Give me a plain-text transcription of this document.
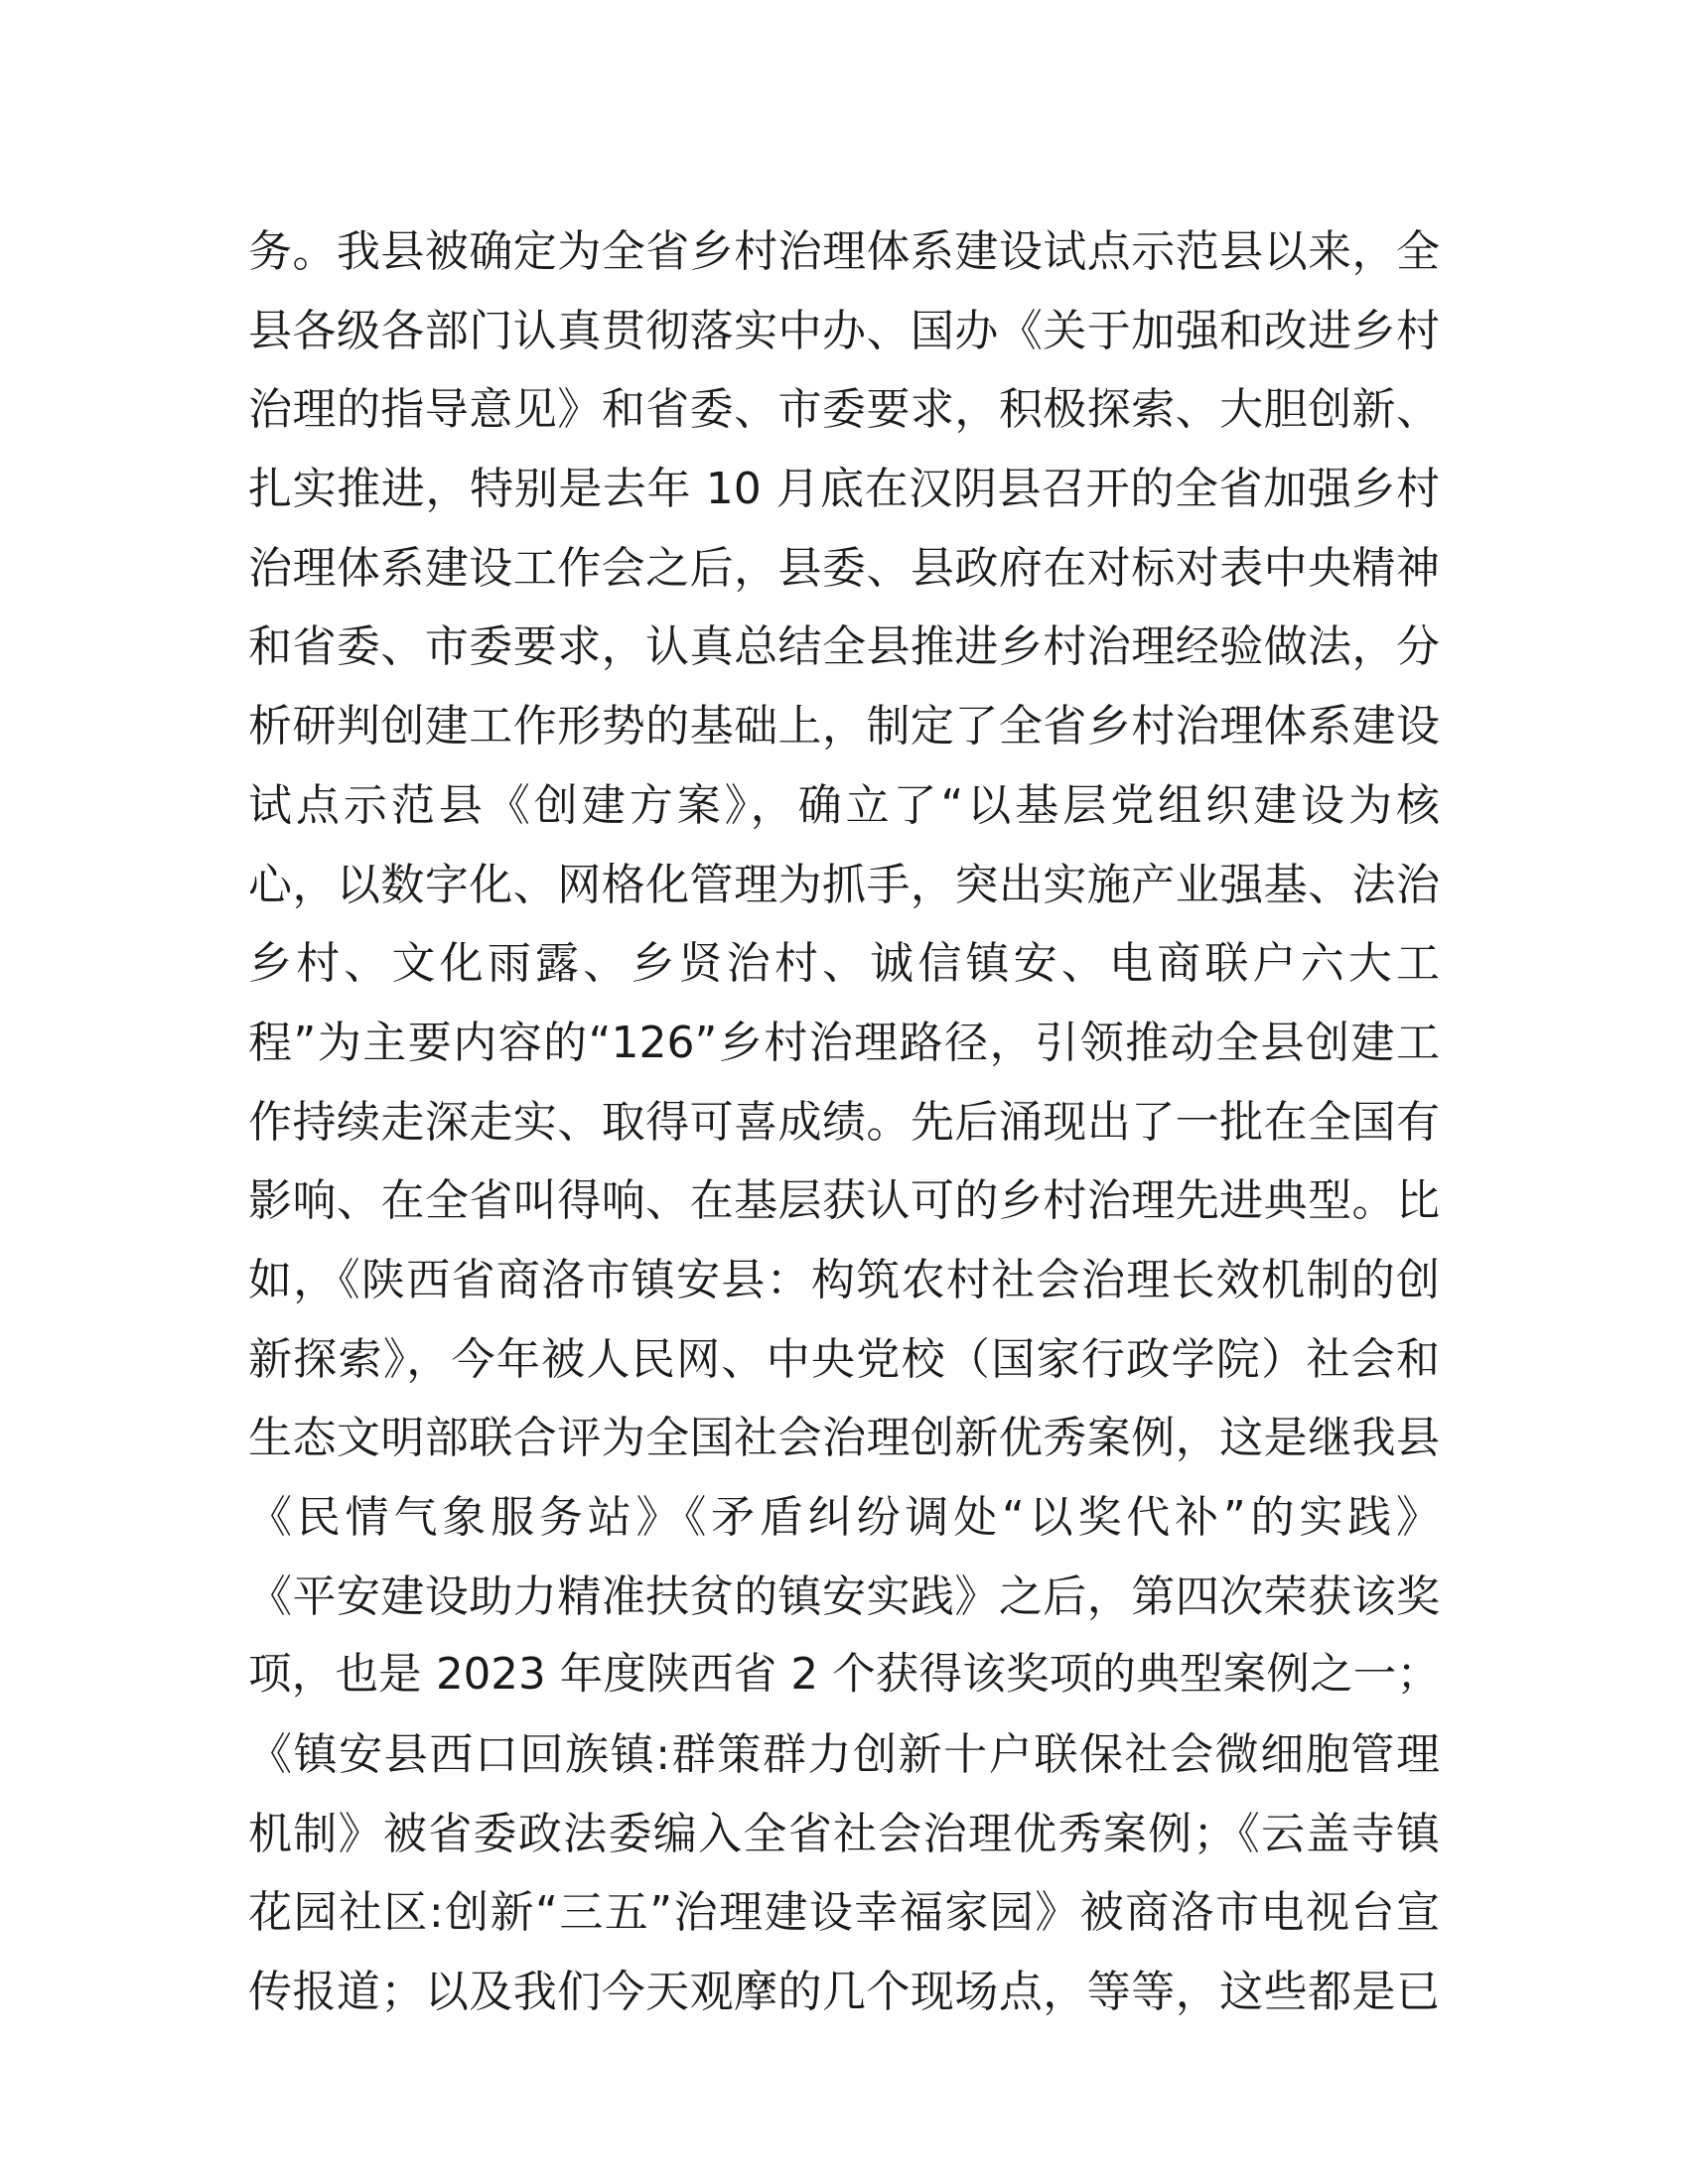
务。我县被确定为全省乡村治理体系建设试点示范县以来，全
县各级各部门认真贯彻落实中办、国办《关于加强和改进乡村
治理的指导意见》和省委、市委要求，积极探索、大胆创新、
扎实推进，特别是去年 10 月底在汉阴县召开的全省加强乡村
治理体系建设工作会之后，县委、县政府在对标对表中央精神
和省委、市委要求，认真总结全县推进乡村治理经验做法，分
析研判创建工作形势的基础上，制定了全省乡村治理体系建设
试点示范县《创建方案》，确立了“以基层党组织建设为核
心，以数字化、网格化管理为抓手，突出实施产业强基、法治
乡村、文化雨露、乡贤治村、诚信镇安、电商联户六大工
程”为主要内容的“126”乡村治理路径，引领推动全县创建工
作持续走深走实、取得可喜成绩。先后涌现出了一批在全国有
影响、在全省叫得响、在基层获认可的乡村治理先进典型。比
如，《陕西省商洛市镇安县：构筑农村社会治理长效机制的创
新探索》，今年被人民网、中央党校（国家行政学院）社会和
生态文明部联合评为全国社会治理创新优秀案例，这是继我县
《民情气象服务站》《矛盾纠纷调处“以奖代补”的实践》
《平安建设助力精准扶贫的镇安实践》之后，第四次荣获该奖
项，也是 2023 年度陕西省 2 个获得该奖项的典型案例之一；
《镇安县西口回族镇:群策群力创新十户联保社会微细胞管理
机制》被省委政法委编入全省社会治理优秀案例；《云盖寺镇
花园社区:创新“三五”治理建设幸福家园》被商洛市电视台宣
传报道；以及我们今天观摩的几个现场点，等等，这些都是已
